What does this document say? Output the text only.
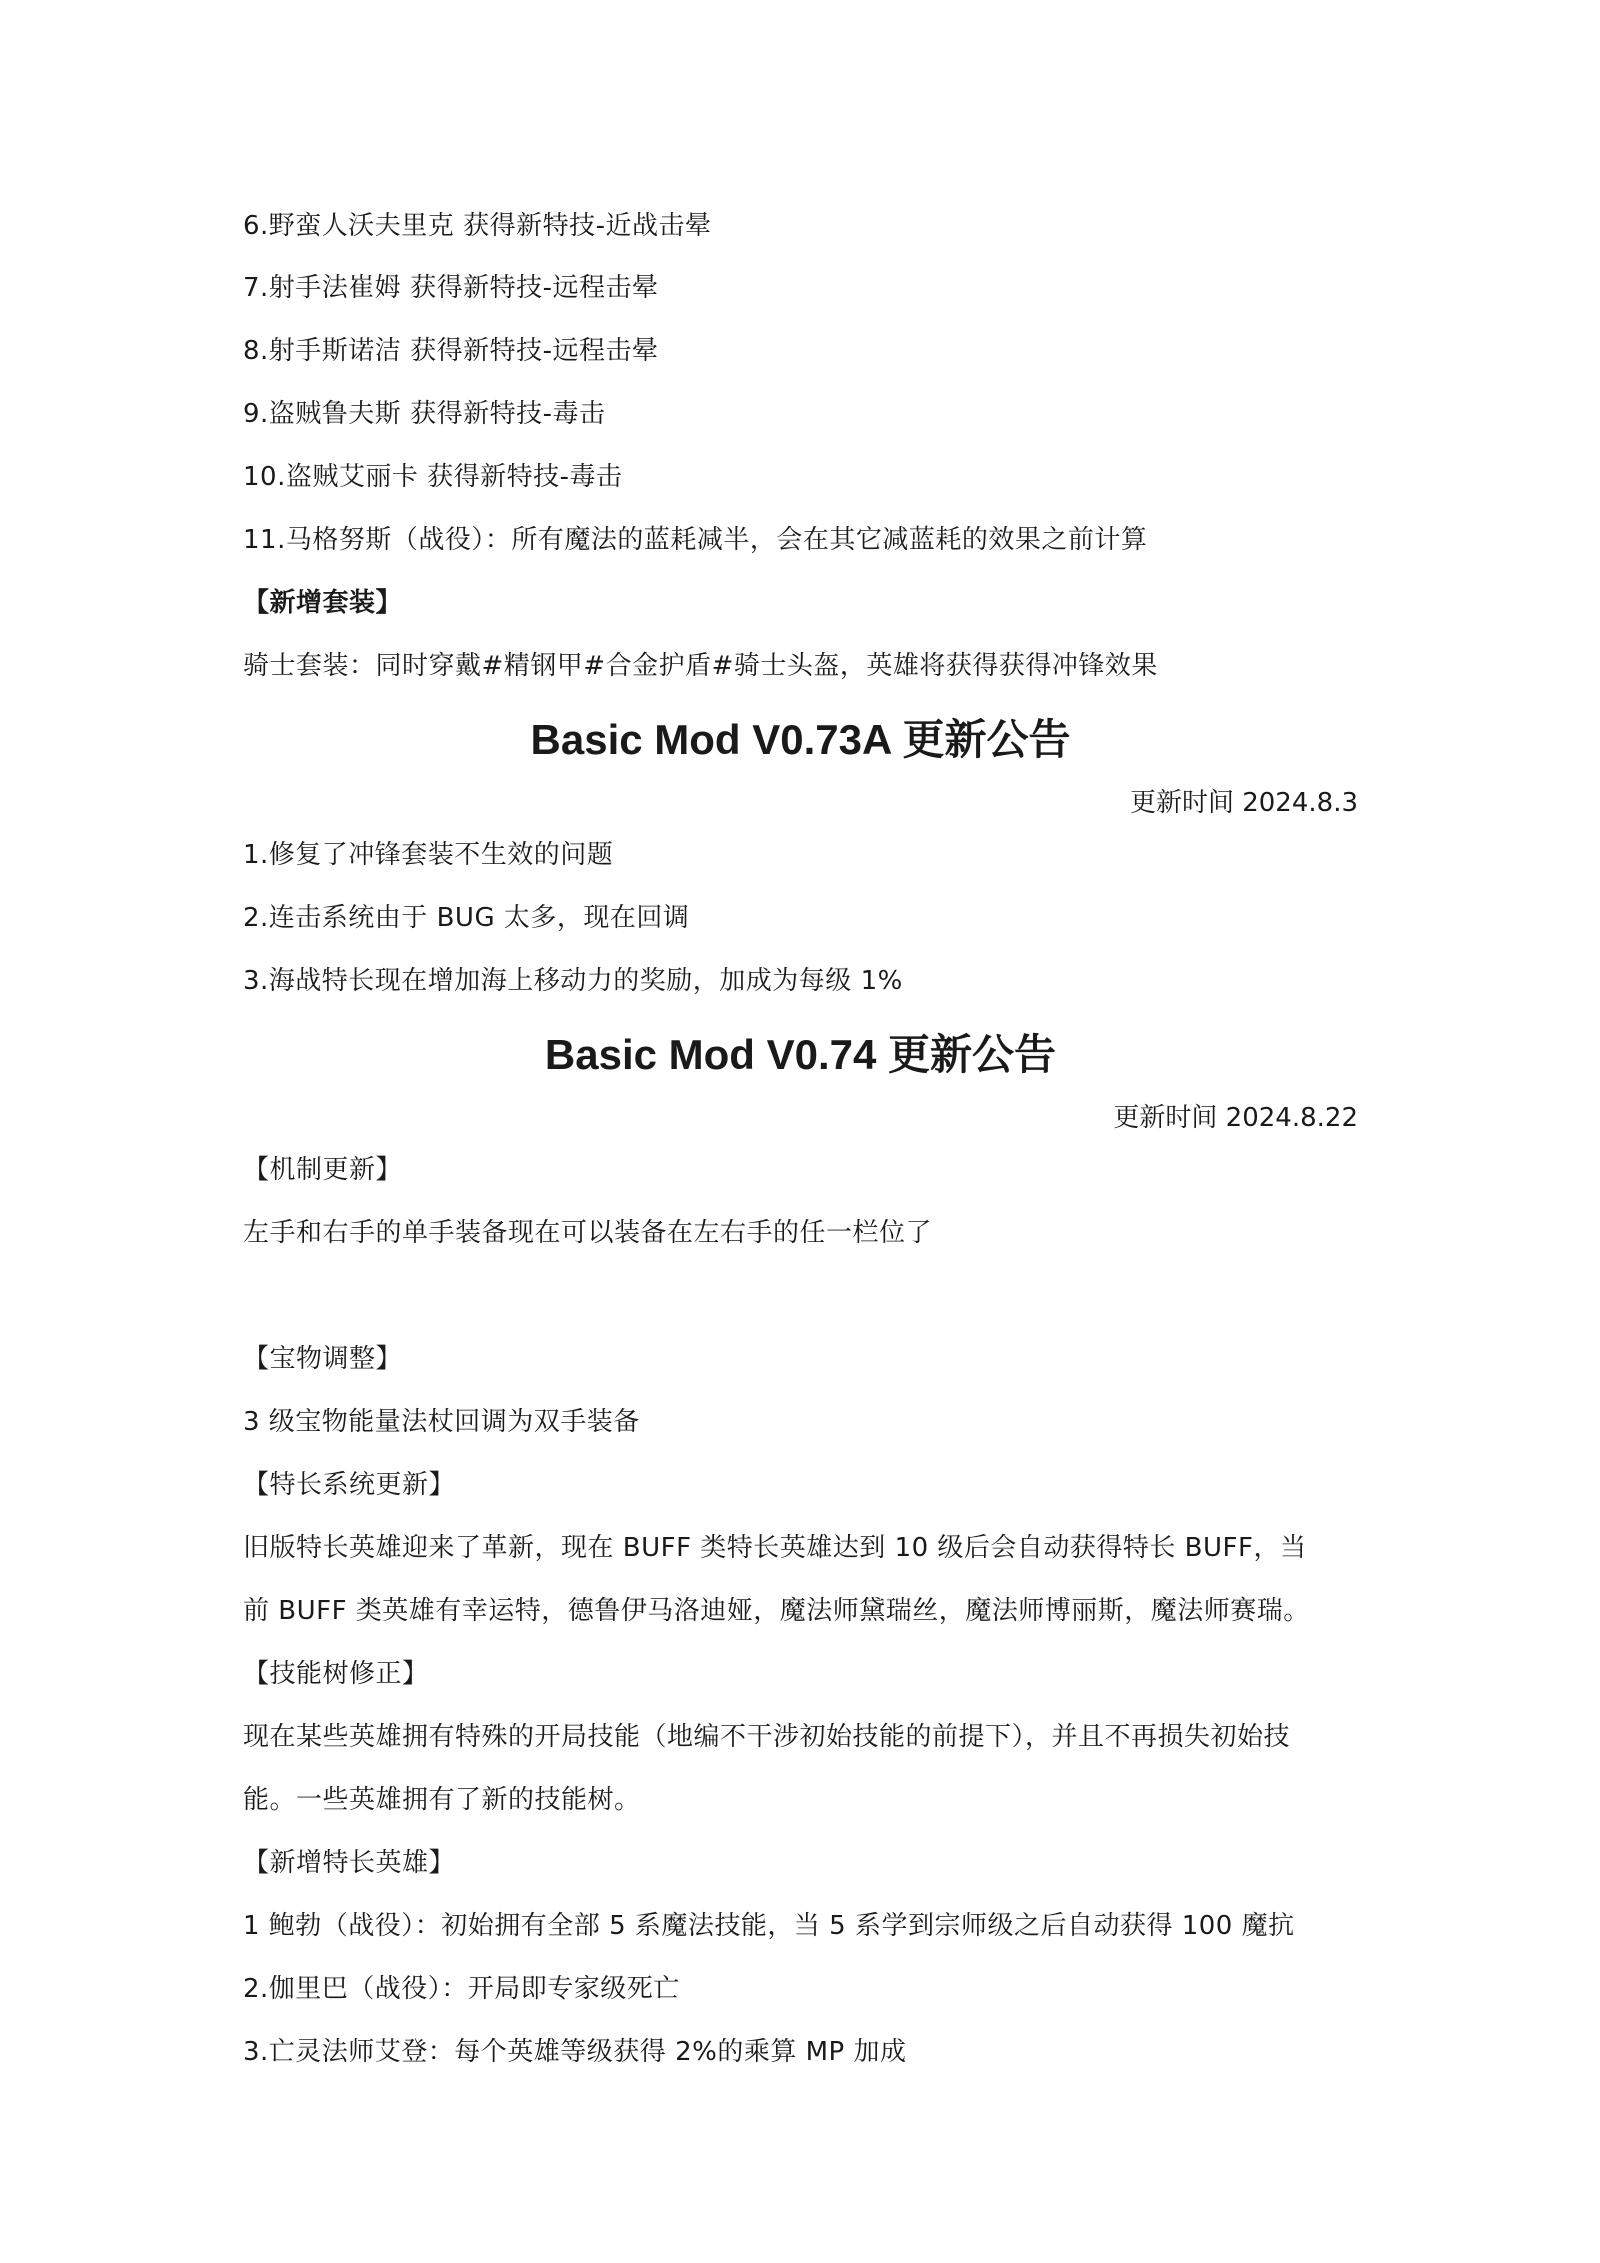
6.野蛮人沃夫里克 获得新特技-近战击晕
7.射手法崔姆 获得新特技-远程击晕
8.射手斯诺洁 获得新特技-远程击晕
9.盗贼鲁夫斯 获得新特技-毒击
10.盗贼艾丽卡 获得新特技-毒击
11.马格努斯（战役）：所有魔法的蓝耗减半，会在其它减蓝耗的效果之前计算
【新增套装】
骑士套装：同时穿戴#精钢甲#合金护盾#骑士头盔，英雄将获得获得冲锋效果
Basic Mod V0.73A 更新公告
更新时间 2024.8.3
1.修复了冲锋套装不生效的问题
2.连击系统由于 BUG 太多，现在回调
3.海战特长现在增加海上移动力的奖励，加成为每级 1%
Basic Mod V0.74 更新公告
更新时间 2024.8.22
【机制更新】
左手和右手的单手装备现在可以装备在左右手的任一栏位了
【宝物调整】
3 级宝物能量法杖回调为双手装备
【特长系统更新】
旧版特长英雄迎来了革新，现在 BUFF 类特长英雄达到 10 级后会自动获得特长 BUFF，当
前 BUFF 类英雄有幸运特，德鲁伊马洛迪娅，魔法师黛瑞丝，魔法师博丽斯，魔法师赛瑞。
【技能树修正】
现在某些英雄拥有特殊的开局技能（地编不干涉初始技能的前提下），并且不再损失初始技
能。一些英雄拥有了新的技能树。
【新增特长英雄】
1 鲍勃（战役）：初始拥有全部 5 系魔法技能，当 5 系学到宗师级之后自动获得 100 魔抗
2.伽里巴（战役）：开局即专家级死亡
3.亡灵法师艾登：每个英雄等级获得 2%的乘算 MP 加成
